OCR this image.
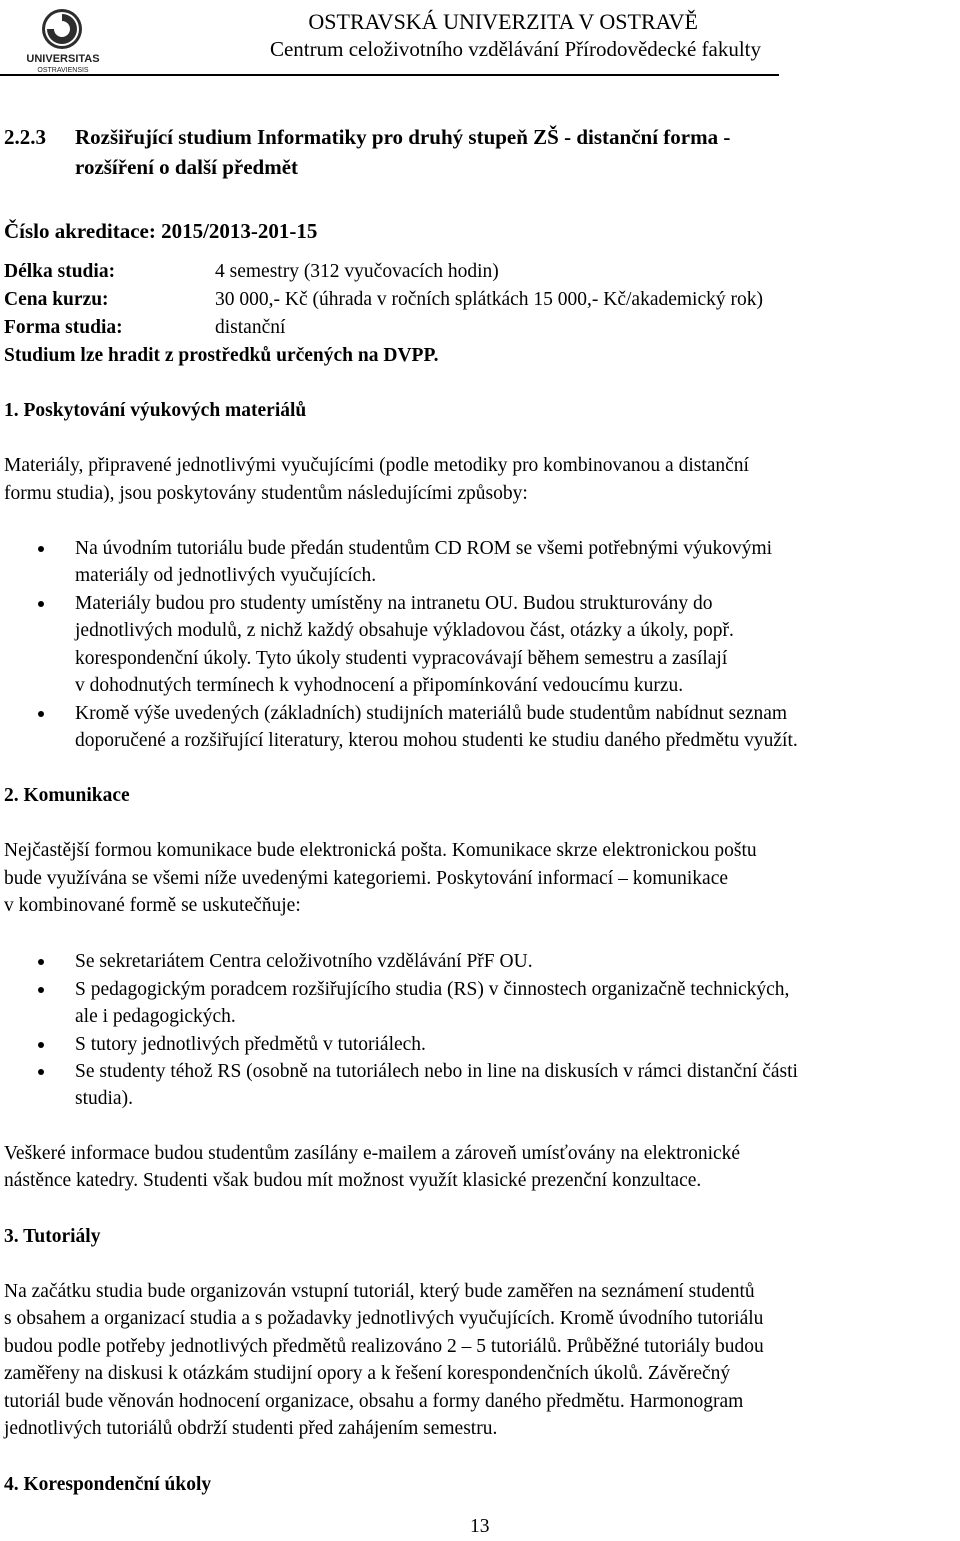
UNIVERSITAS
OSTRAVIENSIS
OSTRAVSKÁ UNIVERZITA V OSTRAVĚ
Centrum celoživotního vzdělávání Přírodovědecké fakulty
2.2.3 Rozšiřující studium Informatiky pro druhý stupeň ZŠ - distanční forma -
rozšíření o další předmět
Číslo akreditace: 2015/2013-201-15
Délka studia:	4 semestry (312 vyučovacích hodin)
Cena kurzu:	30 000,- Kč (úhrada v ročních splátkách 15 000,- Kč/akademický rok)
Forma studia:	distanční
Studium lze hradit z prostředků určených na DVPP.
1. Poskytování výukových materiálů
Materiály, připravené jednotlivými vyučujícími (podle metodiky pro kombinovanou a distanční
formu studia), jsou poskytovány studentům následujícími způsoby:
Na úvodním tutoriálu bude předán studentům CD ROM se všemi potřebnými výukovými
materiály od jednotlivých vyučujících.
Materiály budou pro studenty umístěny na intranetu OU. Budou strukturovány do
jednotlivých modulů, z nichž každý obsahuje výkladovou část, otázky a úkoly, popř.
korespondenční úkoly. Tyto úkoly studenti vypracovávají během semestru a zasílají
v dohodnutých termínech k vyhodnocení a připomínkování vedoucímu kurzu.
Kromě výše uvedených (základních) studijních materiálů bude studentům nabídnut seznam
doporučené a rozšiřující literatury, kterou mohou studenti ke studiu daného předmětu využít.
2. Komunikace
Nejčastější formou komunikace bude elektronická pošta. Komunikace skrze elektronickou poštu
bude využívána se všemi níže uvedenými kategoriemi. Poskytování informací – komunikace
v kombinované formě se uskutečňuje:
Se sekretariátem Centra celoživotního vzdělávání PřF OU.
S pedagogickým poradcem rozšiřujícího studia (RS) v činnostech organizačně technických,
ale i pedagogických.
S tutory jednotlivých předmětů v tutoriálech.
Se studenty téhož RS (osobně na tutoriálech nebo in line na diskusích v rámci distanční části
studia).
Veškeré informace budou studentům zasílány e-mailem a zároveň umísťovány na elektronické
nástěnce katedry. Studenti však budou mít možnost využít klasické prezenční konzultace.
3. Tutoriály
Na začátku studia bude organizován vstupní tutoriál, který bude zaměřen na seznámení studentů
s obsahem a organizací studia a s požadavky jednotlivých vyučujících. Kromě úvodního tutoriálu
budou podle potřeby jednotlivých předmětů realizováno 2 – 5 tutoriálů. Průběžné tutoriály budou
zaměřeny na diskusi k otázkám studijní opory a k řešení korespondenčních úkolů. Závěrečný
tutoriál bude věnován hodnocení organizace, obsahu a formy daného předmětu. Harmonogram
jednotlivých tutoriálů obdrží studenti před zahájením semestru.
4. Korespondenční úkoly
13
